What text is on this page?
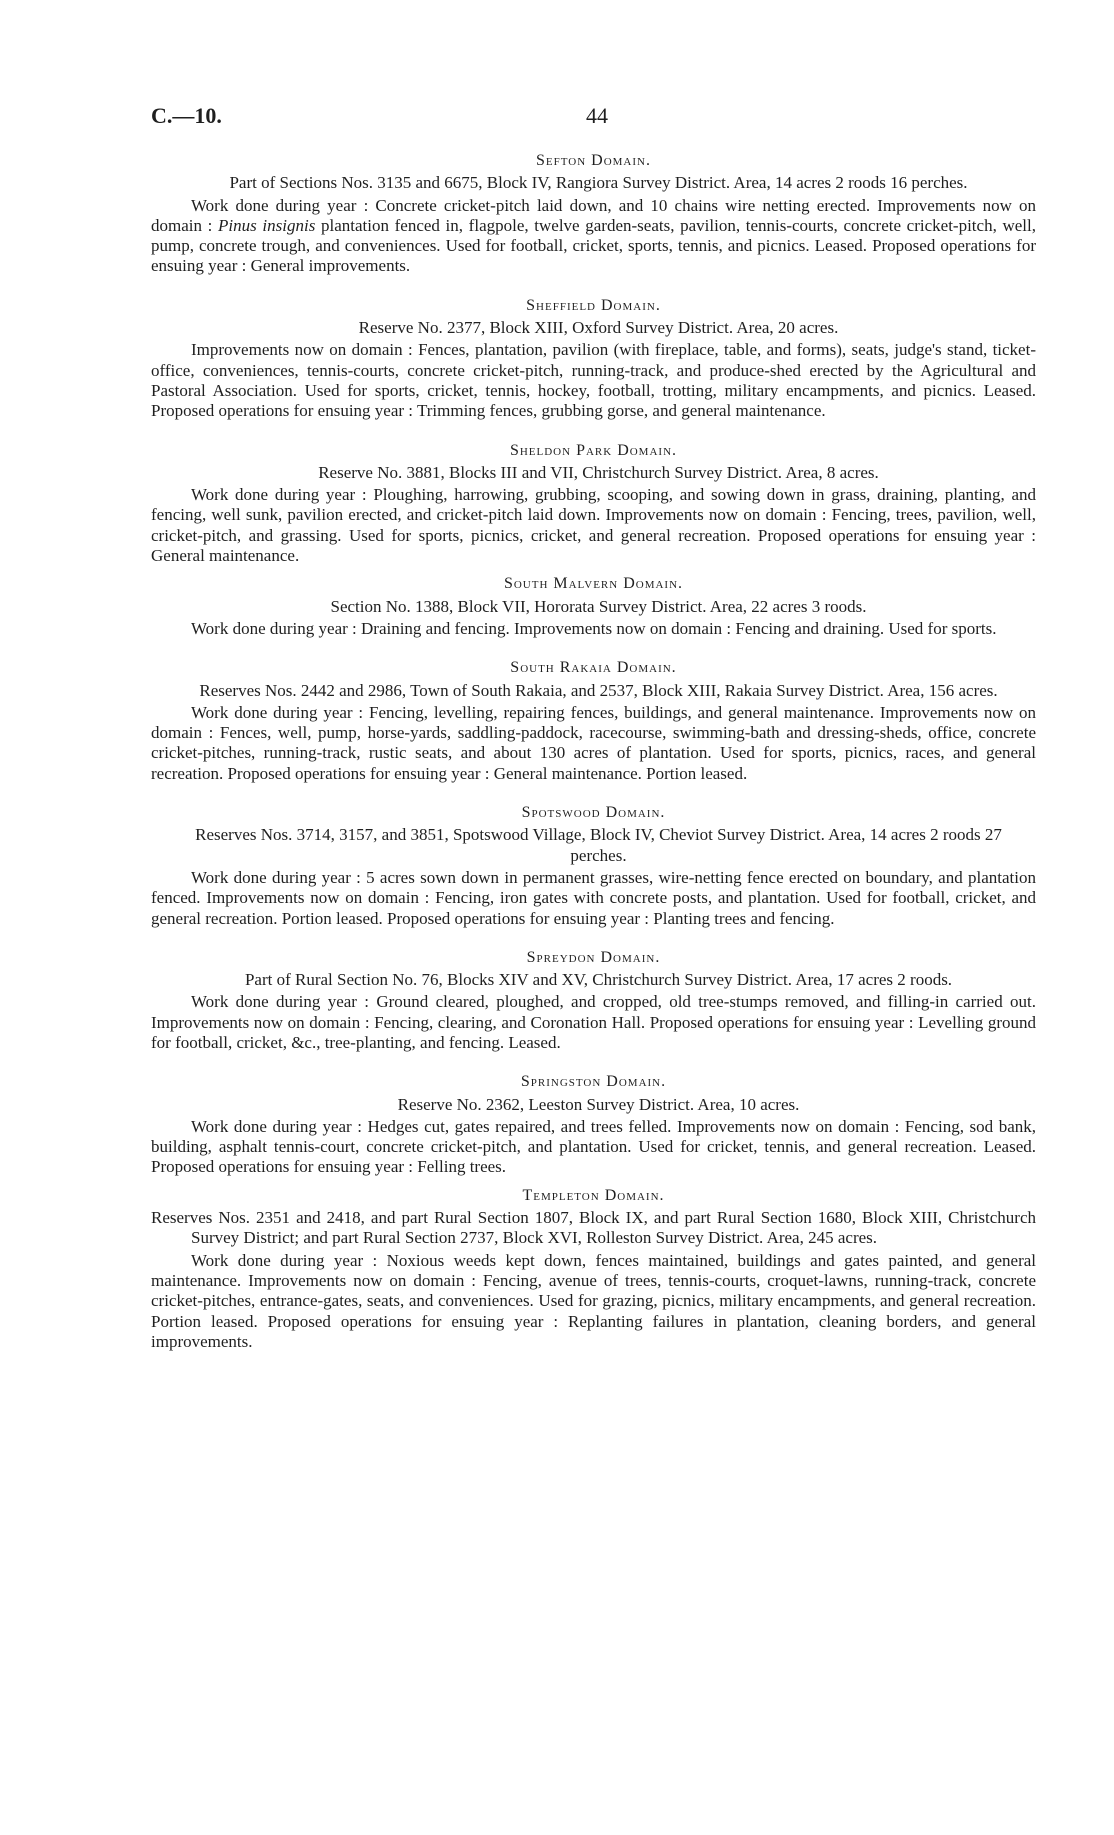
C.—10.	44
Sefton Domain.
Part of Sections Nos. 3135 and 6675, Block IV, Rangiora Survey District. Area, 14 acres 2 roods 16 perches.

Work done during year : Concrete cricket-pitch laid down, and 10 chains wire netting erected. Improvements now on domain : Pinus insignis plantation fenced in, flagpole, twelve garden-seats, pavilion, tennis-courts, concrete cricket-pitch, well, pump, concrete trough, and conveniences. Used for football, cricket, sports, tennis, and picnics. Leased. Proposed operations for ensuing year : General improvements.

Sheffield Domain.
Reserve No. 2377, Block XIII, Oxford Survey District. Area, 20 acres.

Improvements now on domain : Fences, plantation, pavilion (with fireplace, table, and forms), seats, judge's stand, ticket-office, conveniences, tennis-courts, concrete cricket-pitch, running-track, and produce-shed erected by the Agricultural and Pastoral Association. Used for sports, cricket, tennis, hockey, football, trotting, military encampments, and picnics. Leased. Proposed operations for ensuing year : Trimming fences, grubbing gorse, and general maintenance.

Sheldon Park Domain.
Reserve No. 3881, Blocks III and VII, Christchurch Survey District. Area, 8 acres.

Work done during year : Ploughing, harrowing, grubbing, scooping, and sowing down in grass, draining, planting, and fencing, well sunk, pavilion erected, and cricket-pitch laid down. Improvements now on domain : Fencing, trees, pavilion, well, cricket-pitch, and grassing. Used for sports, picnics, cricket, and general recreation. Proposed operations for ensuing year : General maintenance.

South Malvern Domain.
Section No. 1388, Block VII, Hororata Survey District. Area, 22 acres 3 roods.

Work done during year : Draining and fencing. Improvements now on domain : Fencing and draining. Used for sports.

South Rakaia Domain.
Reserves Nos. 2442 and 2986, Town of South Rakaia, and 2537, Block XIII, Rakaia Survey District. Area, 156 acres.

Work done during year : Fencing, levelling, repairing fences, buildings, and general maintenance. Improvements now on domain : Fences, well, pump, horse-yards, saddling-paddock, racecourse, swimming-bath and dressing-sheds, office, concrete cricket-pitches, running-track, rustic seats, and about 130 acres of plantation. Used for sports, picnics, races, and general recreation. Proposed operations for ensuing year : General maintenance. Portion leased.

Spotswood Domain.
Reserves Nos. 3714, 3157, and 3851, Spotswood Village, Block IV, Cheviot Survey District. Area, 14 acres 2 roods 27 perches.

Work done during year : 5 acres sown down in permanent grasses, wire-netting fence erected on boundary, and plantation fenced. Improvements now on domain : Fencing, iron gates with concrete posts, and plantation. Used for football, cricket, and general recreation. Portion leased. Proposed operations for ensuing year : Planting trees and fencing.

Spreydon Domain.
Part of Rural Section No. 76, Blocks XIV and XV, Christchurch Survey District. Area, 17 acres 2 roods.

Work done during year : Ground cleared, ploughed, and cropped, old tree-stumps removed, and filling-in carried out. Improvements now on domain : Fencing, clearing, and Coronation Hall. Proposed operations for ensuing year : Levelling ground for football, cricket, &c., tree-planting, and fencing. Leased.

Springston Domain.
Reserve No. 2362, Leeston Survey District. Area, 10 acres.

Work done during year : Hedges cut, gates repaired, and trees felled. Improvements now on domain : Fencing, sod bank, building, asphalt tennis-court, concrete cricket-pitch, and plantation. Used for cricket, tennis, and general recreation. Leased. Proposed operations for ensuing year : Felling trees.

Templeton Domain.
Reserves Nos. 2351 and 2418, and part Rural Section 1807, Block IX, and part Rural Section 1680, Block XIII, Christchurch Survey District; and part Rural Section 2737, Block XVI, Rolleston Survey District. Area, 245 acres.

Work done during year : Noxious weeds kept down, fences maintained, buildings and gates painted, and general maintenance. Improvements now on domain : Fencing, avenue of trees, tennis-courts, croquet-lawns, running-track, concrete cricket-pitches, entrance-gates, seats, and conveniences. Used for grazing, picnics, military encampments, and general recreation. Portion leased. Proposed operations for ensuing year : Replanting failures in plantation, cleaning borders, and general improvements.
